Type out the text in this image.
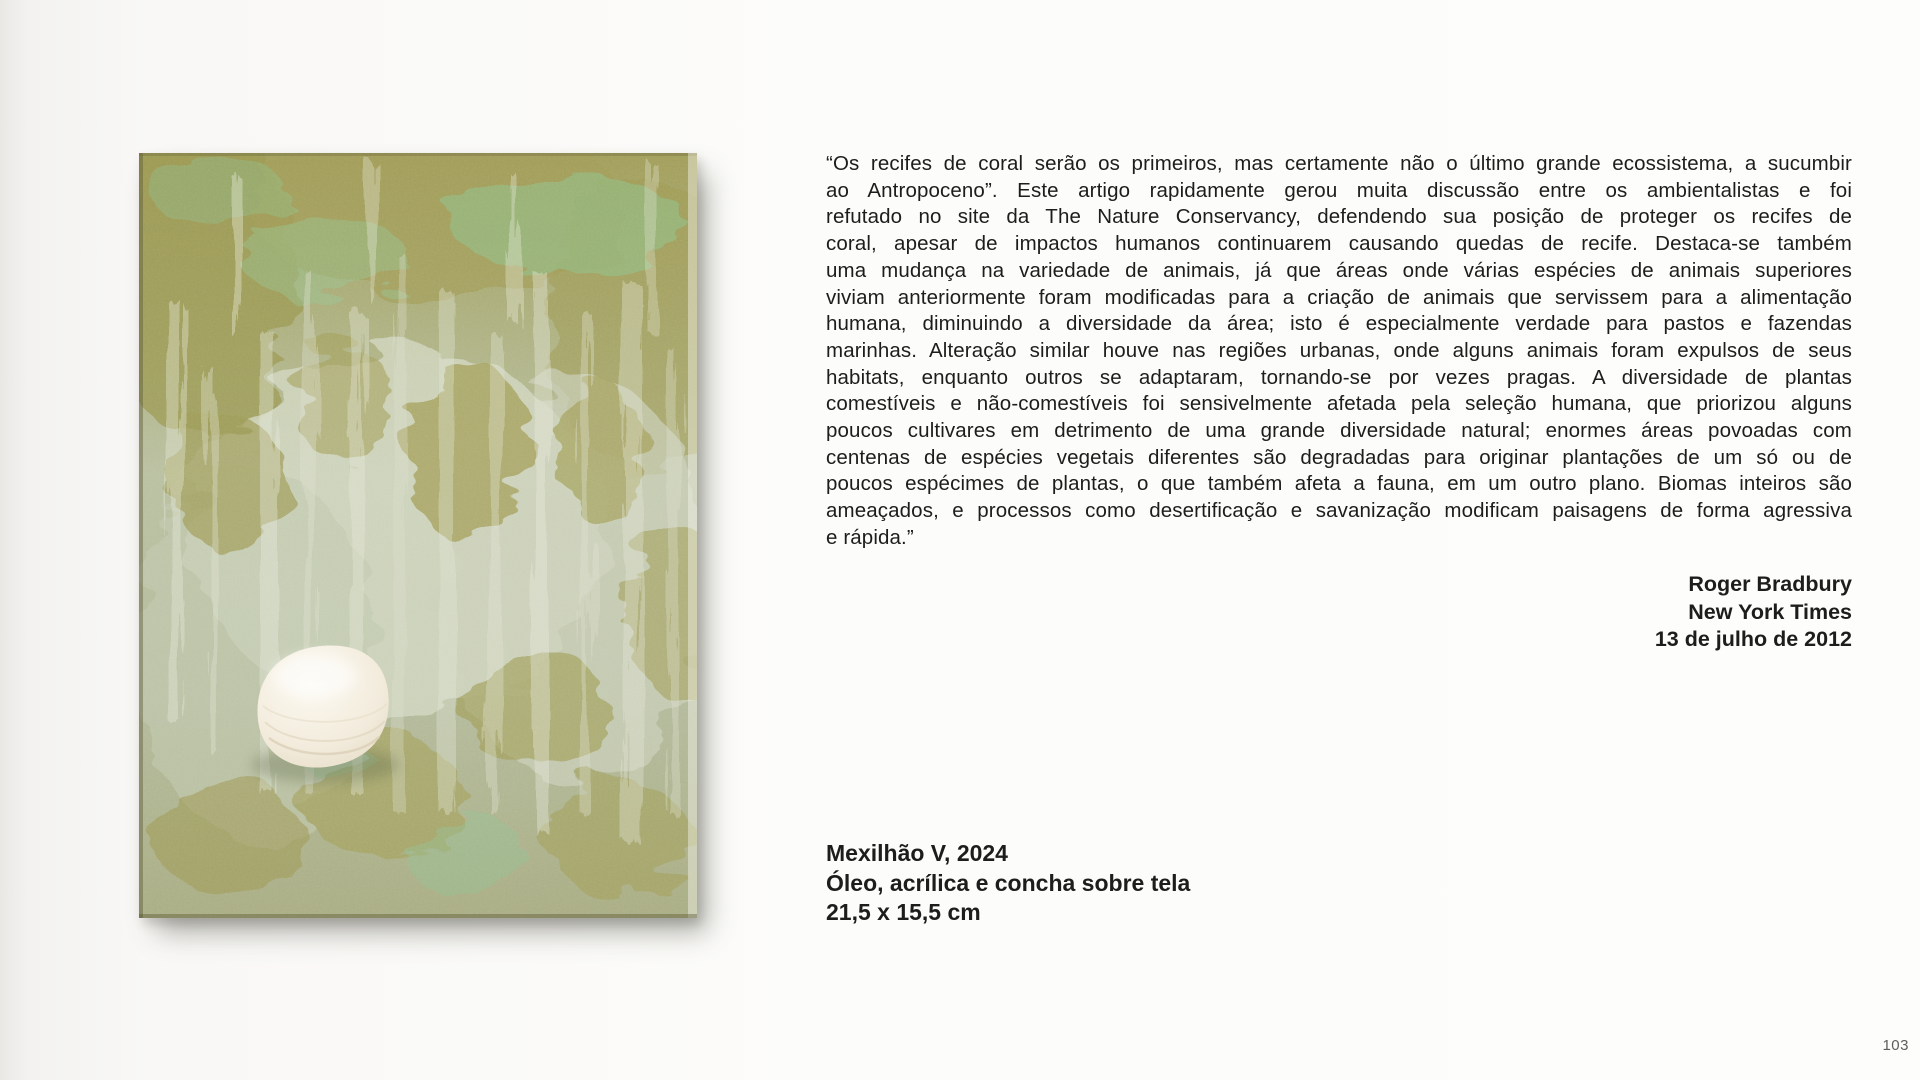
“Os recifes de coral serão os primeiros, mas certamente não o último grande ecossistema, a sucumbir
ao Antropoceno”. Este artigo rapidamente gerou muita discussão entre os ambientalistas e foi
refutado no site da The Nature Conservancy, defendendo sua posição de proteger os recifes de
coral, apesar de impactos humanos continuarem causando quedas de recife. Destaca-se também
uma mudança na variedade de animais, já que áreas onde várias espécies de animais superiores
viviam anteriormente foram modificadas para a criação de animais que servissem para a alimentação
humana, diminuindo a diversidade da área; isto é especialmente verdade para pastos e fazendas
marinhas. Alteração similar houve nas regiões urbanas, onde alguns animais foram expulsos de seus
habitats, enquanto outros se adaptaram, tornando-se por vezes pragas. A diversidade de plantas
comestíveis e não-comestíveis foi sensivelmente afetada pela seleção humana, que priorizou alguns
poucos cultivares em detrimento de uma grande diversidade natural; enormes áreas povoadas com
centenas de espécies vegetais diferentes são degradadas para originar plantações de um só ou de
poucos espécimes de plantas, o que também afeta a fauna, em um outro plano. Biomas inteiros são
ameaçados, e processos como desertificação e savanização modificam paisagens de forma agressiva
e rápida.”
Roger Bradbury
New York Times
13 de julho de 2012
Mexilhão V, 2024
Óleo, acrílica e concha sobre tela
21,5 x 15,5 cm
103
